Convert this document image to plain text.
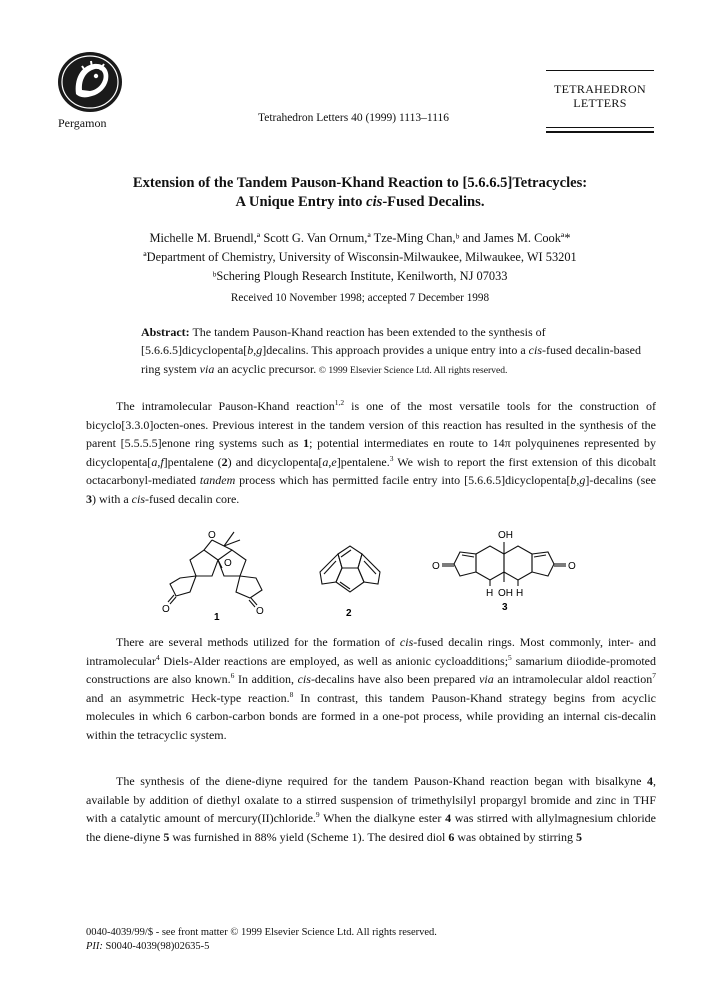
Pergamon	Tetrahedron Letters 40 (1999) 1113–1116
TETRAHEDRON
LETTERS
Extension of the Tandem Pauson-Khand Reaction to [5.6.6.5]Tetracycles:
A Unique Entry into cis-Fused Decalins.
Michelle M. Bruendl,ª Scott G. Van Ornum,ª Tze-Ming Chan,ᵇ and James M. Cookª*
ªDepartment of Chemistry, University of Wisconsin-Milwaukee, Milwaukee, WI 53201
ᵇSchering Plough Research Institute, Kenilworth, NJ 07033
Received 10 November 1998; accepted 7 December 1998
Abstract: The tandem Pauson-Khand reaction has been extended to the synthesis of [5.6.6.5]dicyclopenta[b,g]decalins. This approach provides a unique entry into a cis-fused decalin-based ring system via an acyclic precursor. © 1999 Elsevier Science Ltd. All rights reserved.
The intramolecular Pauson-Khand reaction$^{1,2}$ is one of the most versatile tools for the construction of bicyclo[3.3.0]octen-ones. Previous interest in the tandem version of this reaction has resulted in the synthesis of the parent [5.5.5.5]enone ring systems such as 1; potential intermediates en route to 14π polyquinenes represented by dicyclopenta[a,f]pentalene (2) and dicyclopenta[a,e]pentalene.$^3$ We wish to report the first extension of this dicobalt octacarbonyl-mediated tandem process which has permitted facile entry into [5.6.6.5]dicyclopenta[b,g]-decalins (see 3) with a cis-fused decalin core.
O
O
O	O
1	2
OH
O	O
H OH H
3
There are several methods utilized for the formation of cis-fused decalin rings. Most commonly, inter- and intramolecular$^4$ Diels-Alder reactions are employed, as well as anionic cycloadditions;$^5$ samarium diiodide-promoted constructions are also known.$^6$ In addition, cis-decalins have also been prepared via an intramolecular aldol reaction$^7$ and an asymmetric Heck-type reaction.$^8$ In contrast, this tandem Pauson-Khand strategy begins from acyclic molecules in which 6 carbon-carbon bonds are formed in a one-pot process, while providing an internal cis-decalin within the tetracyclic system.
The synthesis of the diene-diyne required for the tandem Pauson-Khand reaction began with bisalkyne 4, available by addition of diethyl oxalate to a stirred suspension of trimethylsilyl propargyl bromide and zinc in THF with a catalytic amount of mercury(II)chloride.$^9$ When the dialkyne ester 4 was stirred with allylmagnesium chloride the diene-diyne 5 was furnished in 88% yield (Scheme 1). The desired diol 6 was obtained by stirring 5
0040-4039/99/$ - see front matter © 1999 Elsevier Science Ltd. All rights reserved.
PII: S0040-4039(98)02635-5
